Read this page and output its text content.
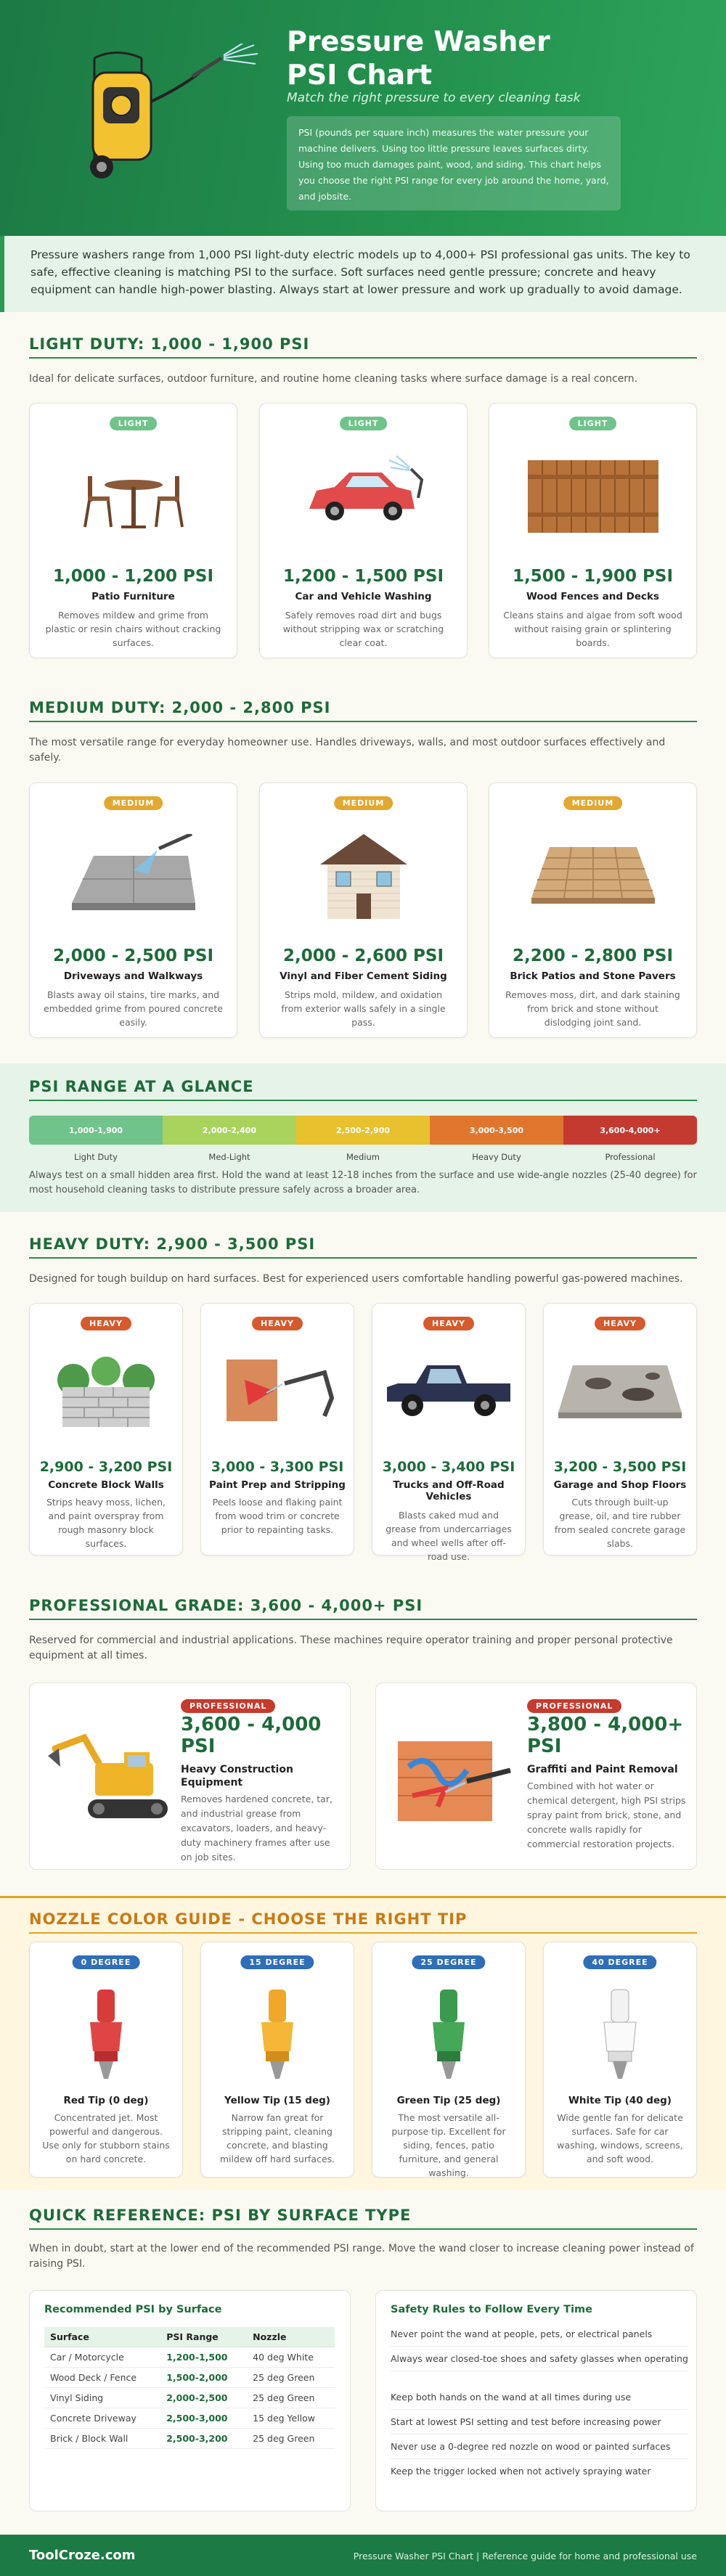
Pressure Washer
PSI Chart
Match the right pressure to every cleaning task
PSI (pounds per square inch) measures the water pressure your machine delivers. Using too little pressure leaves surfaces dirty. Using too much damages paint, wood, and siding. This chart helps you choose the right PSI range for every job around the home, yard, and jobsite.
Pressure washers range from 1,000 PSI light-duty electric models up to 4,000+ PSI professional gas units. The key to safe, effective cleaning is matching PSI to the surface. Soft surfaces need gentle pressure; concrete and heavy equipment can handle high-power blasting. Always start at lower pressure and work up gradually to avoid damage.
LIGHT DUTY: 1,000 - 1,900 PSI
Ideal for delicate surfaces, outdoor furniture, and routine home cleaning tasks where surface damage is a real concern.
LIGHT
1,000 - 1,200 PSI
Patio Furniture
Removes mildew and grime from plastic or resin chairs without cracking surfaces.
LIGHT
1,200 - 1,500 PSI
Car and Vehicle Washing
Safely removes road dirt and bugs without stripping wax or scratching clear coat.
LIGHT
1,500 - 1,900 PSI
Wood Fences and Decks
Cleans stains and algae from soft wood without raising grain or splintering boards.
MEDIUM DUTY: 2,000 - 2,800 PSI
The most versatile range for everyday homeowner use. Handles driveways, walls, and most outdoor surfaces effectively and safely.
MEDIUM
2,000 - 2,500 PSI
Driveways and Walkways
Blasts away oil stains, tire marks, and embedded grime from poured concrete easily.
MEDIUM
2,000 - 2,600 PSI
Vinyl and Fiber Cement Siding
Strips mold, mildew, and oxidation from exterior walls safely in a single pass.
MEDIUM
2,200 - 2,800 PSI
Brick Patios and Stone Pavers
Removes moss, dirt, and dark staining from brick and stone without dislodging joint sand.
PSI RANGE AT A GLANCE
1,000-1,900	2,000-2,400	2,500-2,900	3,000-3,500	3,600-4,000+
Light Duty	Med-Light	Medium	Heavy Duty	Professional
Always test on a small hidden area first. Hold the wand at least 12-18 inches from the surface and use wide-angle nozzles (25-40 degree) for most household cleaning tasks to distribute pressure safely across a broader area.
HEAVY DUTY: 2,900 - 3,500 PSI
Designed for tough buildup on hard surfaces. Best for experienced users comfortable handling powerful gas-powered machines.
HEAVY
2,900 - 3,200 PSI
Concrete Block Walls
Strips heavy moss, lichen, and paint overspray from rough masonry block surfaces.
HEAVY
3,000 - 3,300 PSI
Paint Prep and Stripping
Peels loose and flaking paint from wood trim or concrete prior to repainting tasks.
HEAVY
3,000 - 3,400 PSI
Trucks and Off-Road Vehicles
Blasts caked mud and grease from undercarriages and wheel wells after off-road use.
HEAVY
3,200 - 3,500 PSI
Garage and Shop Floors
Cuts through built-up grease, oil, and tire rubber from sealed concrete garage slabs.
PROFESSIONAL GRADE: 3,600 - 4,000+ PSI
Reserved for commercial and industrial applications. These machines require operator training and proper personal protective equipment at all times.
PROFESSIONAL
3,600 - 4,000 PSI
Heavy Construction Equipment
Removes hardened concrete, tar, and industrial grease from excavators, loaders, and heavy-duty machinery frames after use on job sites.
PROFESSIONAL
3,800 - 4,000+ PSI
Graffiti and Paint Removal
Combined with hot water or chemical detergent, high PSI strips spray paint from brick, stone, and concrete walls rapidly for commercial restoration projects.
NOZZLE COLOR GUIDE - CHOOSE THE RIGHT TIP
0 DEGREE
Red Tip (0 deg)
Concentrated jet. Most powerful and dangerous. Use only for stubborn stains on hard concrete.
15 DEGREE
Yellow Tip (15 deg)
Narrow fan great for stripping paint, cleaning concrete, and blasting mildew off hard surfaces.
25 DEGREE
Green Tip (25 deg)
The most versatile all-purpose tip. Excellent for siding, fences, patio furniture, and general washing.
40 DEGREE
White Tip (40 deg)
Wide gentle fan for delicate surfaces. Safe for car washing, windows, screens, and soft wood.
QUICK REFERENCE: PSI BY SURFACE TYPE
When in doubt, start at the lower end of the recommended PSI range. Move the wand closer to increase cleaning power instead of raising PSI.
Recommended PSI by Surface
Surface	PSI Range	Nozzle
Car / Motorcycle	1,200-1,500	40 deg White
Wood Deck / Fence	1,500-2,000	25 deg Green
Vinyl Siding	2,000-2,500	25 deg Green
Concrete Driveway	2,500-3,000	15 deg Yellow
Brick / Block Wall	2,500-3,200	25 deg Green
Safety Rules to Follow Every Time
Never point the wand at people, pets, or electrical panels
Always wear closed-toe shoes and safety glasses when operating
Keep both hands on the wand at all times during use
Start at lowest PSI setting and test before increasing power
Never use a 0-degree red nozzle on wood or painted surfaces
Keep the trigger locked when not actively spraying water
ToolCroze.com	Pressure Washer PSI Chart | Reference guide for home and professional use
